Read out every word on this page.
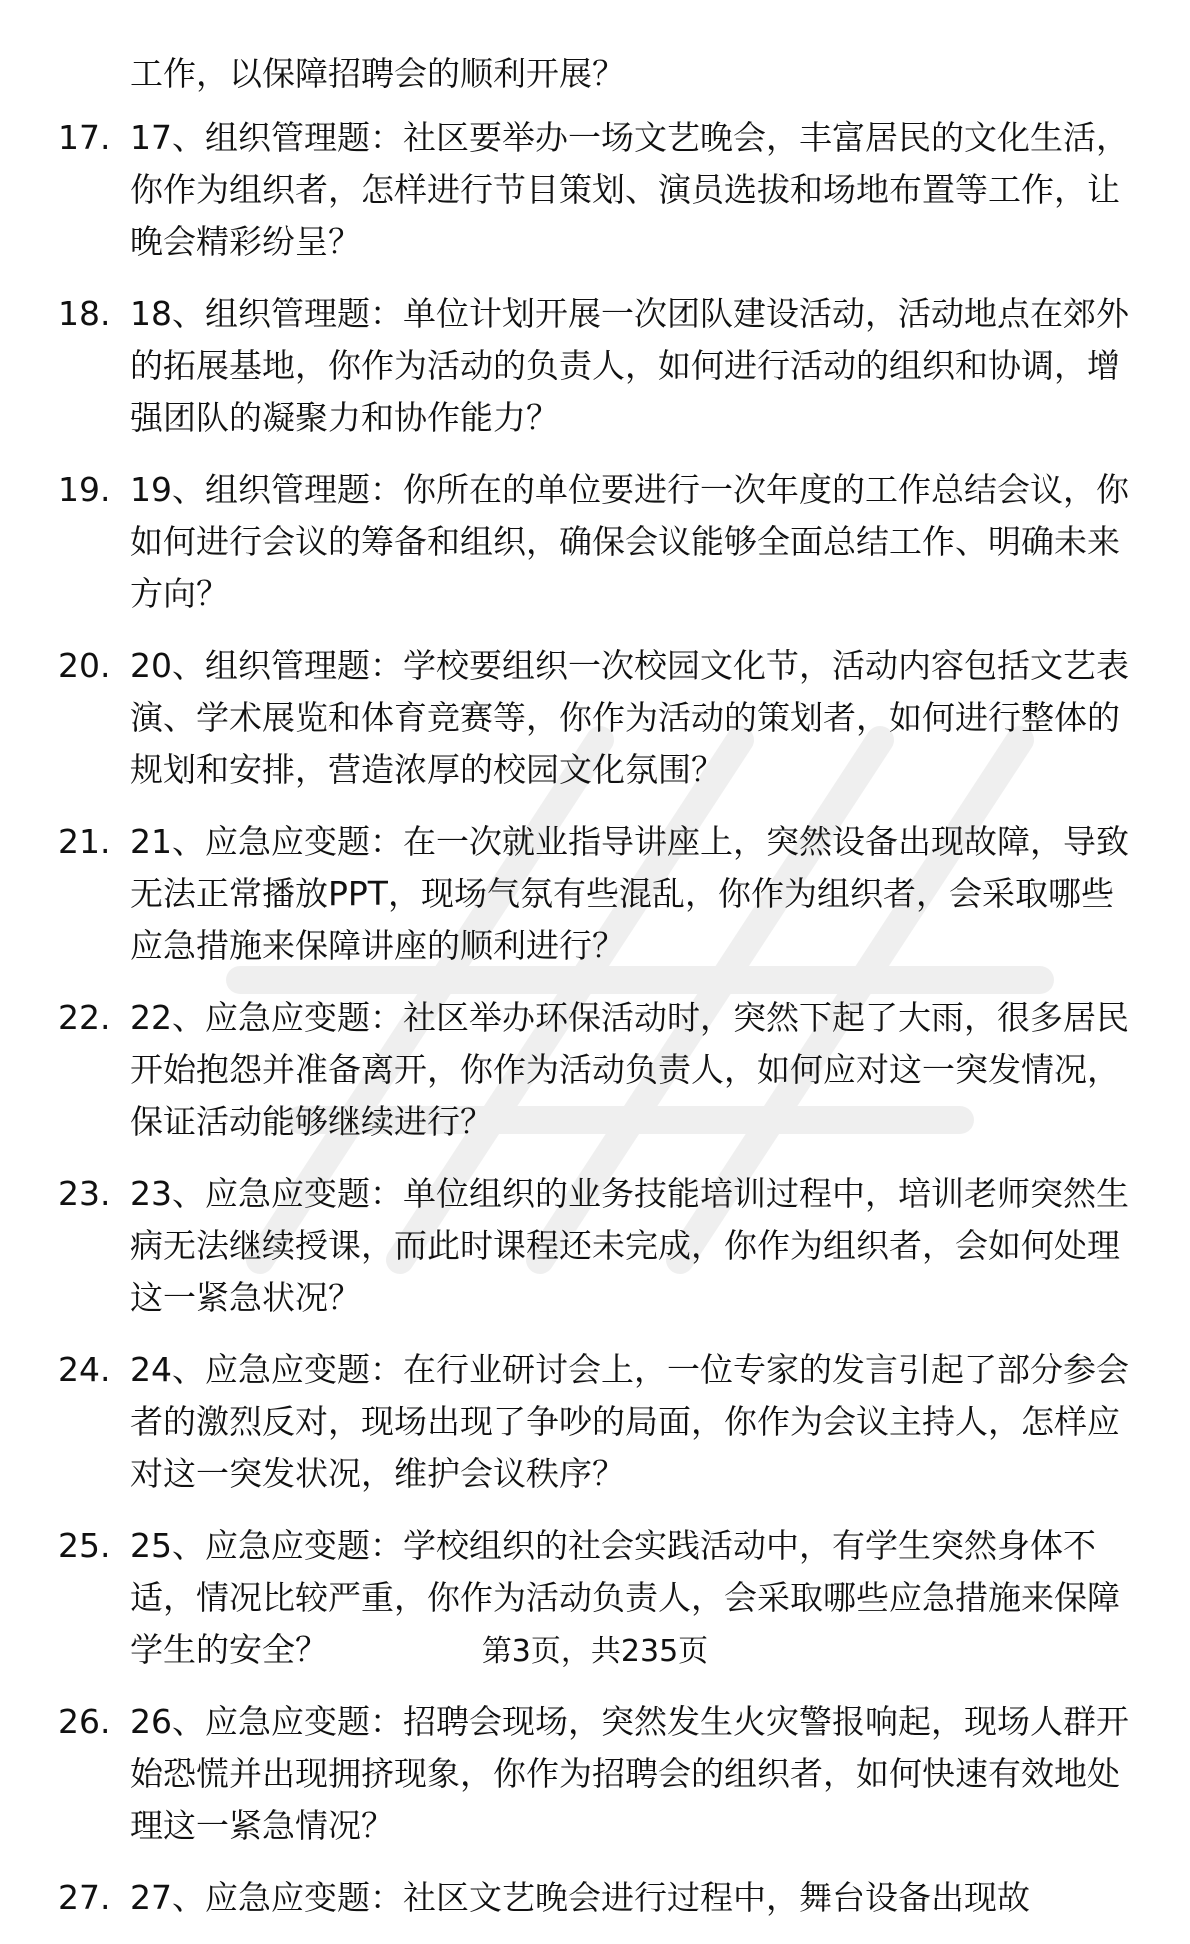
工作，以保障招聘会的顺利开展？

17. 17、组织管理题：社区要举办一场文艺晚会，丰富居民的文化生活，你作为组织者，怎样进行节目策划、演员选拔和场地布置等工作，让晚会精彩纷呈？
18. 18、组织管理题：单位计划开展一次团队建设活动，活动地点在郊外的拓展基地，你作为活动的负责人，如何进行活动的组织和协调，增强团队的凝聚力和协作能力？
19. 19、组织管理题：你所在的单位要进行一次年度的工作总结会议，你如何进行会议的筹备和组织，确保会议能够全面总结工作、明确未来方向？
20. 20、组织管理题：学校要组织一次校园文化节，活动内容包括文艺表演、学术展览和体育竞赛等，你作为活动的策划者，如何进行整体的规划和安排，营造浓厚的校园文化氛围？
21. 21、应急应变题：在一次就业指导讲座上，突然设备出现故障，导致无法正常播放PPT，现场气氛有些混乱，你作为组织者，会采取哪些应急措施来保障讲座的顺利进行？
22. 22、应急应变题：社区举办环保活动时，突然下起了大雨，很多居民开始抱怨并准备离开，你作为活动负责人，如何应对这一突发情况，保证活动能够继续进行？
23. 23、应急应变题：单位组织的业务技能培训过程中，培训老师突然生病无法继续授课，而此时课程还未完成，你作为组织者，会如何处理这一紧急状况？
24. 24、应急应变题：在行业研讨会上，一位专家的发言引起了部分参会者的激烈反对，现场出现了争吵的局面，你作为会议主持人，怎样应对这一突发状况，维护会议秩序？
25. 25、应急应变题：学校组织的社会实践活动中，有学生突然身体不适，情况比较严重，你作为活动负责人，会采取哪些应急措施来保障学生的安全？
26. 26、应急应变题：招聘会现场，突然发生火灾警报响起，现场人群开始恐慌并出现拥挤现象，你作为招聘会的组织者，如何快速有效地处理这一紧急情况？
27. 27、应急应变题：社区文艺晚会进行过程中，舞台设备出现故
第3页，共235页
